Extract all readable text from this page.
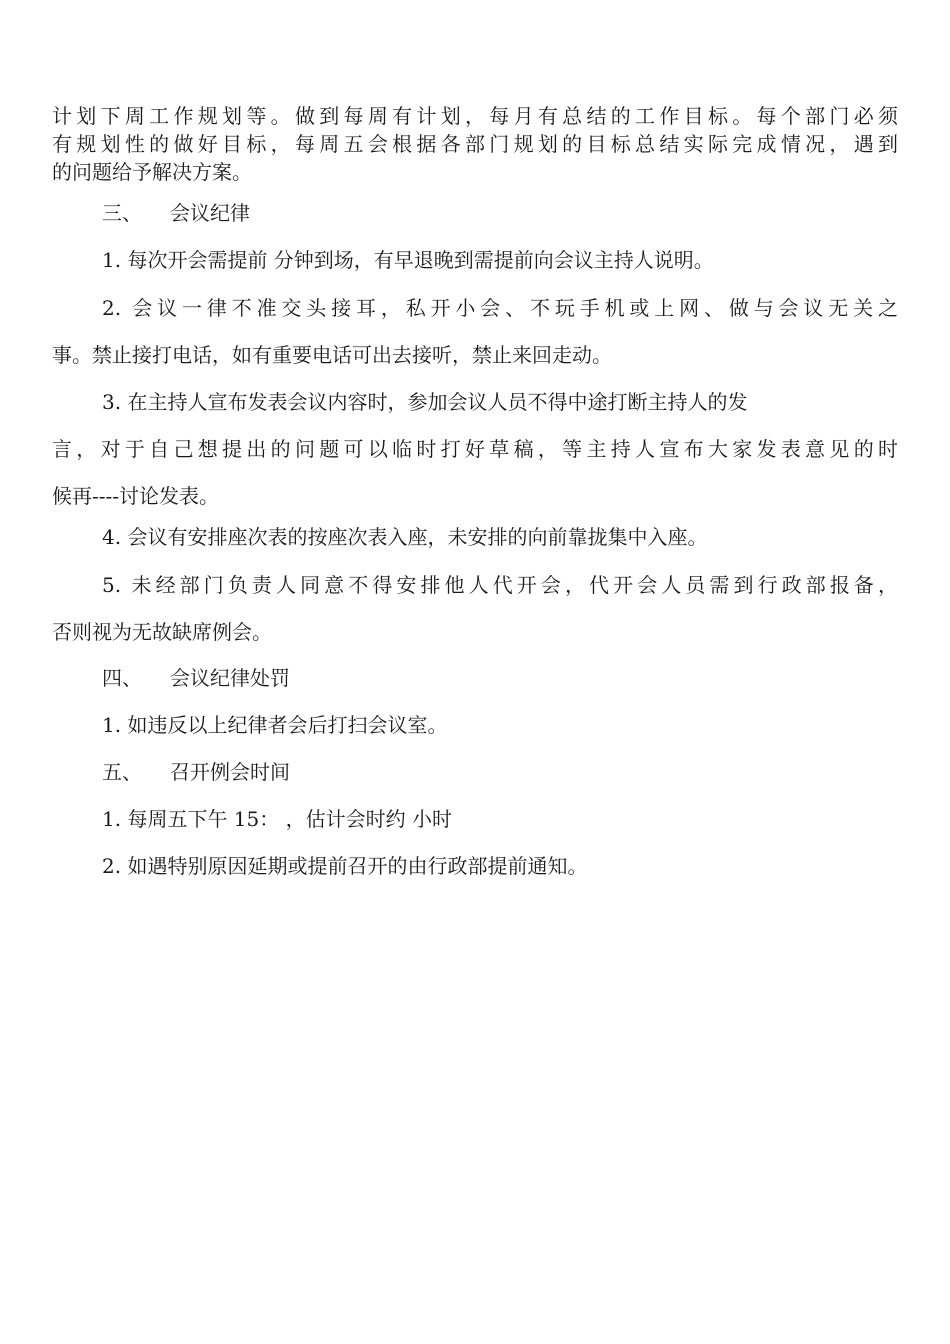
计划下周工作规划等。做到每周有计划，每月有总结的工作目标。每个部门必须
有规划性的做好目标，每周五会根据各部门规划的目标总结实际完成情况，遇到
的问题给予解决方案。
三、 会议纪律
1. 每次开会需提前 分钟到场，有早退晚到需提前向会议主持人说明。
2. 会议一律不准交头接耳，私开小会、不玩手机或上网、做与会议无关之
事。禁止接打电话，如有重要电话可出去接听，禁止来回走动。
3. 在主持人宣布发表会议内容时，参加会议人员不得中途打断主持人的发
言，对于自己想提出的问题可以临时打好草稿，等主持人宣布大家发表意见的时
候再----讨论发表。
4. 会议有安排座次表的按座次表入座，未安排的向前靠拢集中入座。
5. 未经部门负责人同意不得安排他人代开会，代开会人员需到行政部报备，
否则视为无故缺席例会。
四、 会议纪律处罚
1. 如违反以上纪律者会后打扫会议室。
五、 召开例会时间
1. 每周五下午 15： ，估计会时约 小时
2. 如遇特别原因延期或提前召开的由行政部提前通知。
